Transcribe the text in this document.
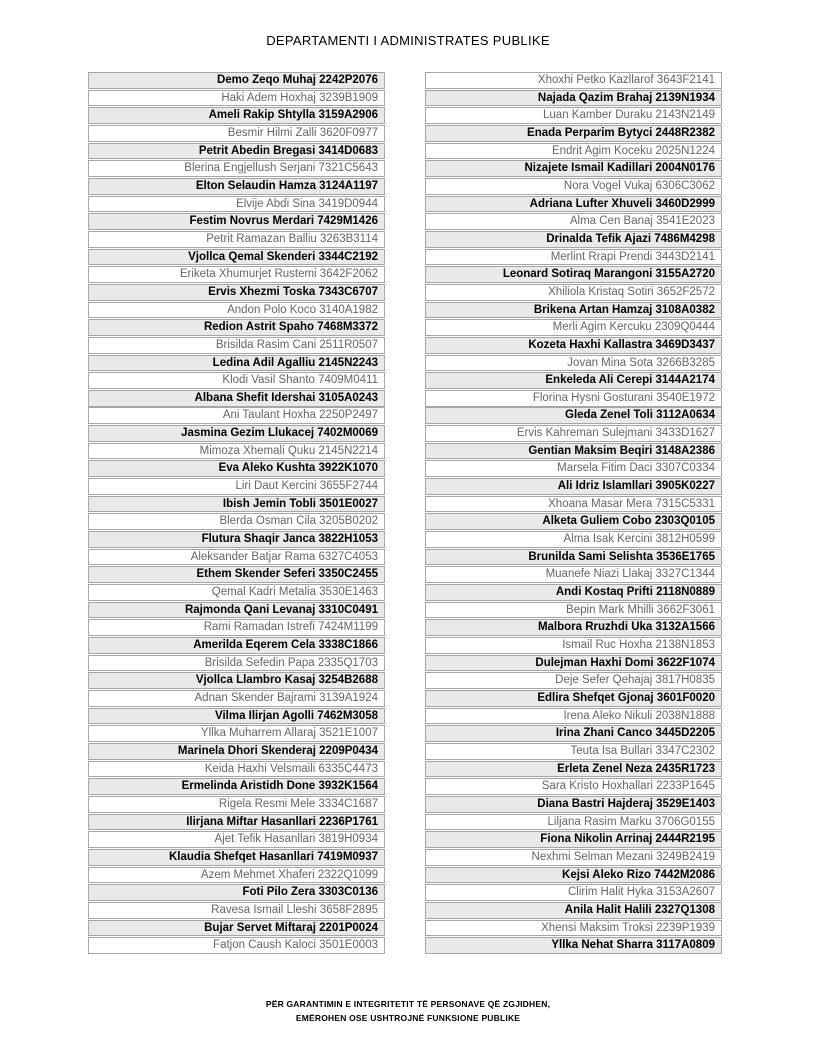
DEPARTAMENTI I ADMINISTRATES PUBLIKE
Demo Zeqo Muhaj 2242P2076
Haki Adem Hoxhaj 3239B1909
Ameli Rakip Shtylla 3159A2906
Besmir Hilmi Zalli 3620F0977
Petrit Abedin Bregasi 3414D0683
Blerina Engjellush Serjani 7321C5643
Elton Selaudin Hamza 3124A1197
Elvije Abdi Sina 3419D0944
Festim Novrus Merdari 7429M1426
Petrit Ramazan Balliu 3263B3114
Vjollca Qemal Skenderi 3344C2192
Eriketa Xhumurjet Rustemi 3642F2062
Ervis Xhezmi Toska 7343C6707
Andon Polo Koco 3140A1982
Redion Astrit Spaho 7468M3372
Brisilda Rasim Cani 2511R0507
Ledina Adil Agalliu 2145N2243
Klodi Vasil Shanto 7409M0411
Albana Shefit Idershai 3105A0243
Ani Taulant Hoxha 2250P2497
Jasmina Gezim Llukacej 7402M0069
Mimoza Xhemali Quku 2145N2214
Eva Aleko Kushta 3922K1070
Liri Daut Kercini 3655F2744
Ibish Jemin Tobli 3501E0027
Blerda Osman Cila 3205B0202
Flutura Shaqir Janca 3822H1053
Aleksander Batjar Rama 6327C4053
Ethem Skender Seferi 3350C2455
Qemal Kadri Metalia 3530E1463
Rajmonda Qani Levanaj 3310C0491
Rami Ramadan Istrefi 7424M1199
Amerilda Eqerem Cela 3338C1866
Brisilda Sefedin Papa 2335Q1703
Vjollca Llambro Kasaj 3254B2688
Adnan Skender Bajrami 3139A1924
Vilma Ilirjan Agolli 7462M3058
Yllka Muharrem Allaraj 3521E1007
Marinela Dhori Skenderaj 2209P0434
Keida Haxhi Velsmaili 6335C4473
Ermelinda Aristidh Done 3932K1564
Rigela Resmi Mele 3334C1687
Ilirjana Miftar Hasanllari 2236P1761
Ajet Tefik Hasanllari 3819H0934
Klaudia Shefqet Hasanllari 7419M0937
Azem Mehmet Xhaferi 2322Q1099
Foti Pilo Zera 3303C0136
Ravesa Ismail Lleshi 3658F2895
Bujar Servet Miftaraj 2201P0024
Fatjon Caush Kaloci 3501E0003
Xhoxhi Petko Kazllarof 3643F2141
Najada Qazim Brahaj 2139N1934
Luan Kamber Duraku 2143N2149
Enada Perparim Bytyci 2448R2382
Endrit Agim Koceku 2025N1224
Nizajete Ismail Kadillari 2004N0176
Nora Vogel Vukaj 6306C3062
Adriana Lufter Xhuveli 3460D2999
Alma Cen Banaj 3541E2023
Drinalda Tefik Ajazi 7486M4298
Merlint Rrapi Prendi 3443D2141
Leonard Sotiraq Marangoni 3155A2720
Xhiliola Kristaq Sotiri 3652F2572
Brikena Artan Hamzaj 3108A0382
Merli Agim Kercuku 2309Q0444
Kozeta Haxhi Kallastra 3469D3437
Jovan Mina Sota 3266B3285
Enkeleda Ali Cerepi 3144A2174
Florina Hysni Gosturani 3540E1972
Gleda Zenel Toli 3112A0634
Ervis Kahreman Sulejmani 3433D1627
Gentian Maksim Beqiri 3148A2386
Marsela Fitim Daci 3307C0334
Ali Idriz Islamllari 3905K0227
Xhoana Masar Mera 7315C5331
Alketa Guliem Cobo 2303Q0105
Alma Isak Kercini 3812H0599
Brunilda Sami Selishta 3536E1765
Muanefe Niazi Llakaj 3327C1344
Andi Kostaq Prifti 2118N0889
Bepin Mark Mhilli 3662F3061
Malbora Rruzhdi Uka 3132A1566
Ismail Ruc Hoxha 2138N1853
Dulejman Haxhi Domi 3622F1074
Deje Sefer Qehajaj 3817H0835
Edlira Shefqet Gjonaj 3601F0020
Irena Aleko Nikuli 2038N1888
Irina Zhani Canco 3445D2205
Teuta Isa Bullari 3347C2302
Erleta Zenel Neza 2435R1723
Sara Kristo Hoxhallari 2233P1645
Diana Bastri Hajderaj 3529E1403
Liljana Rasim Marku 3706G0155
Fiona Nikolin Arrinaj 2444R2195
Nexhmi Selman Mezani 3249B2419
Kejsi Aleko Rizo 7442M2086
Clirim Halit Hyka 3153A2607
Anila Halit Halili 2327Q1308
Xhensi Maksim Troksi 2239P1939
Yllka Nehat Sharra 3117A0809
PËR GARANTIMIN E INTEGRITETIT TË PERSONAVE QË ZGJIDHEN,
EMËROHEN OSE USHTROJNË FUNKSIONE PUBLIKE
